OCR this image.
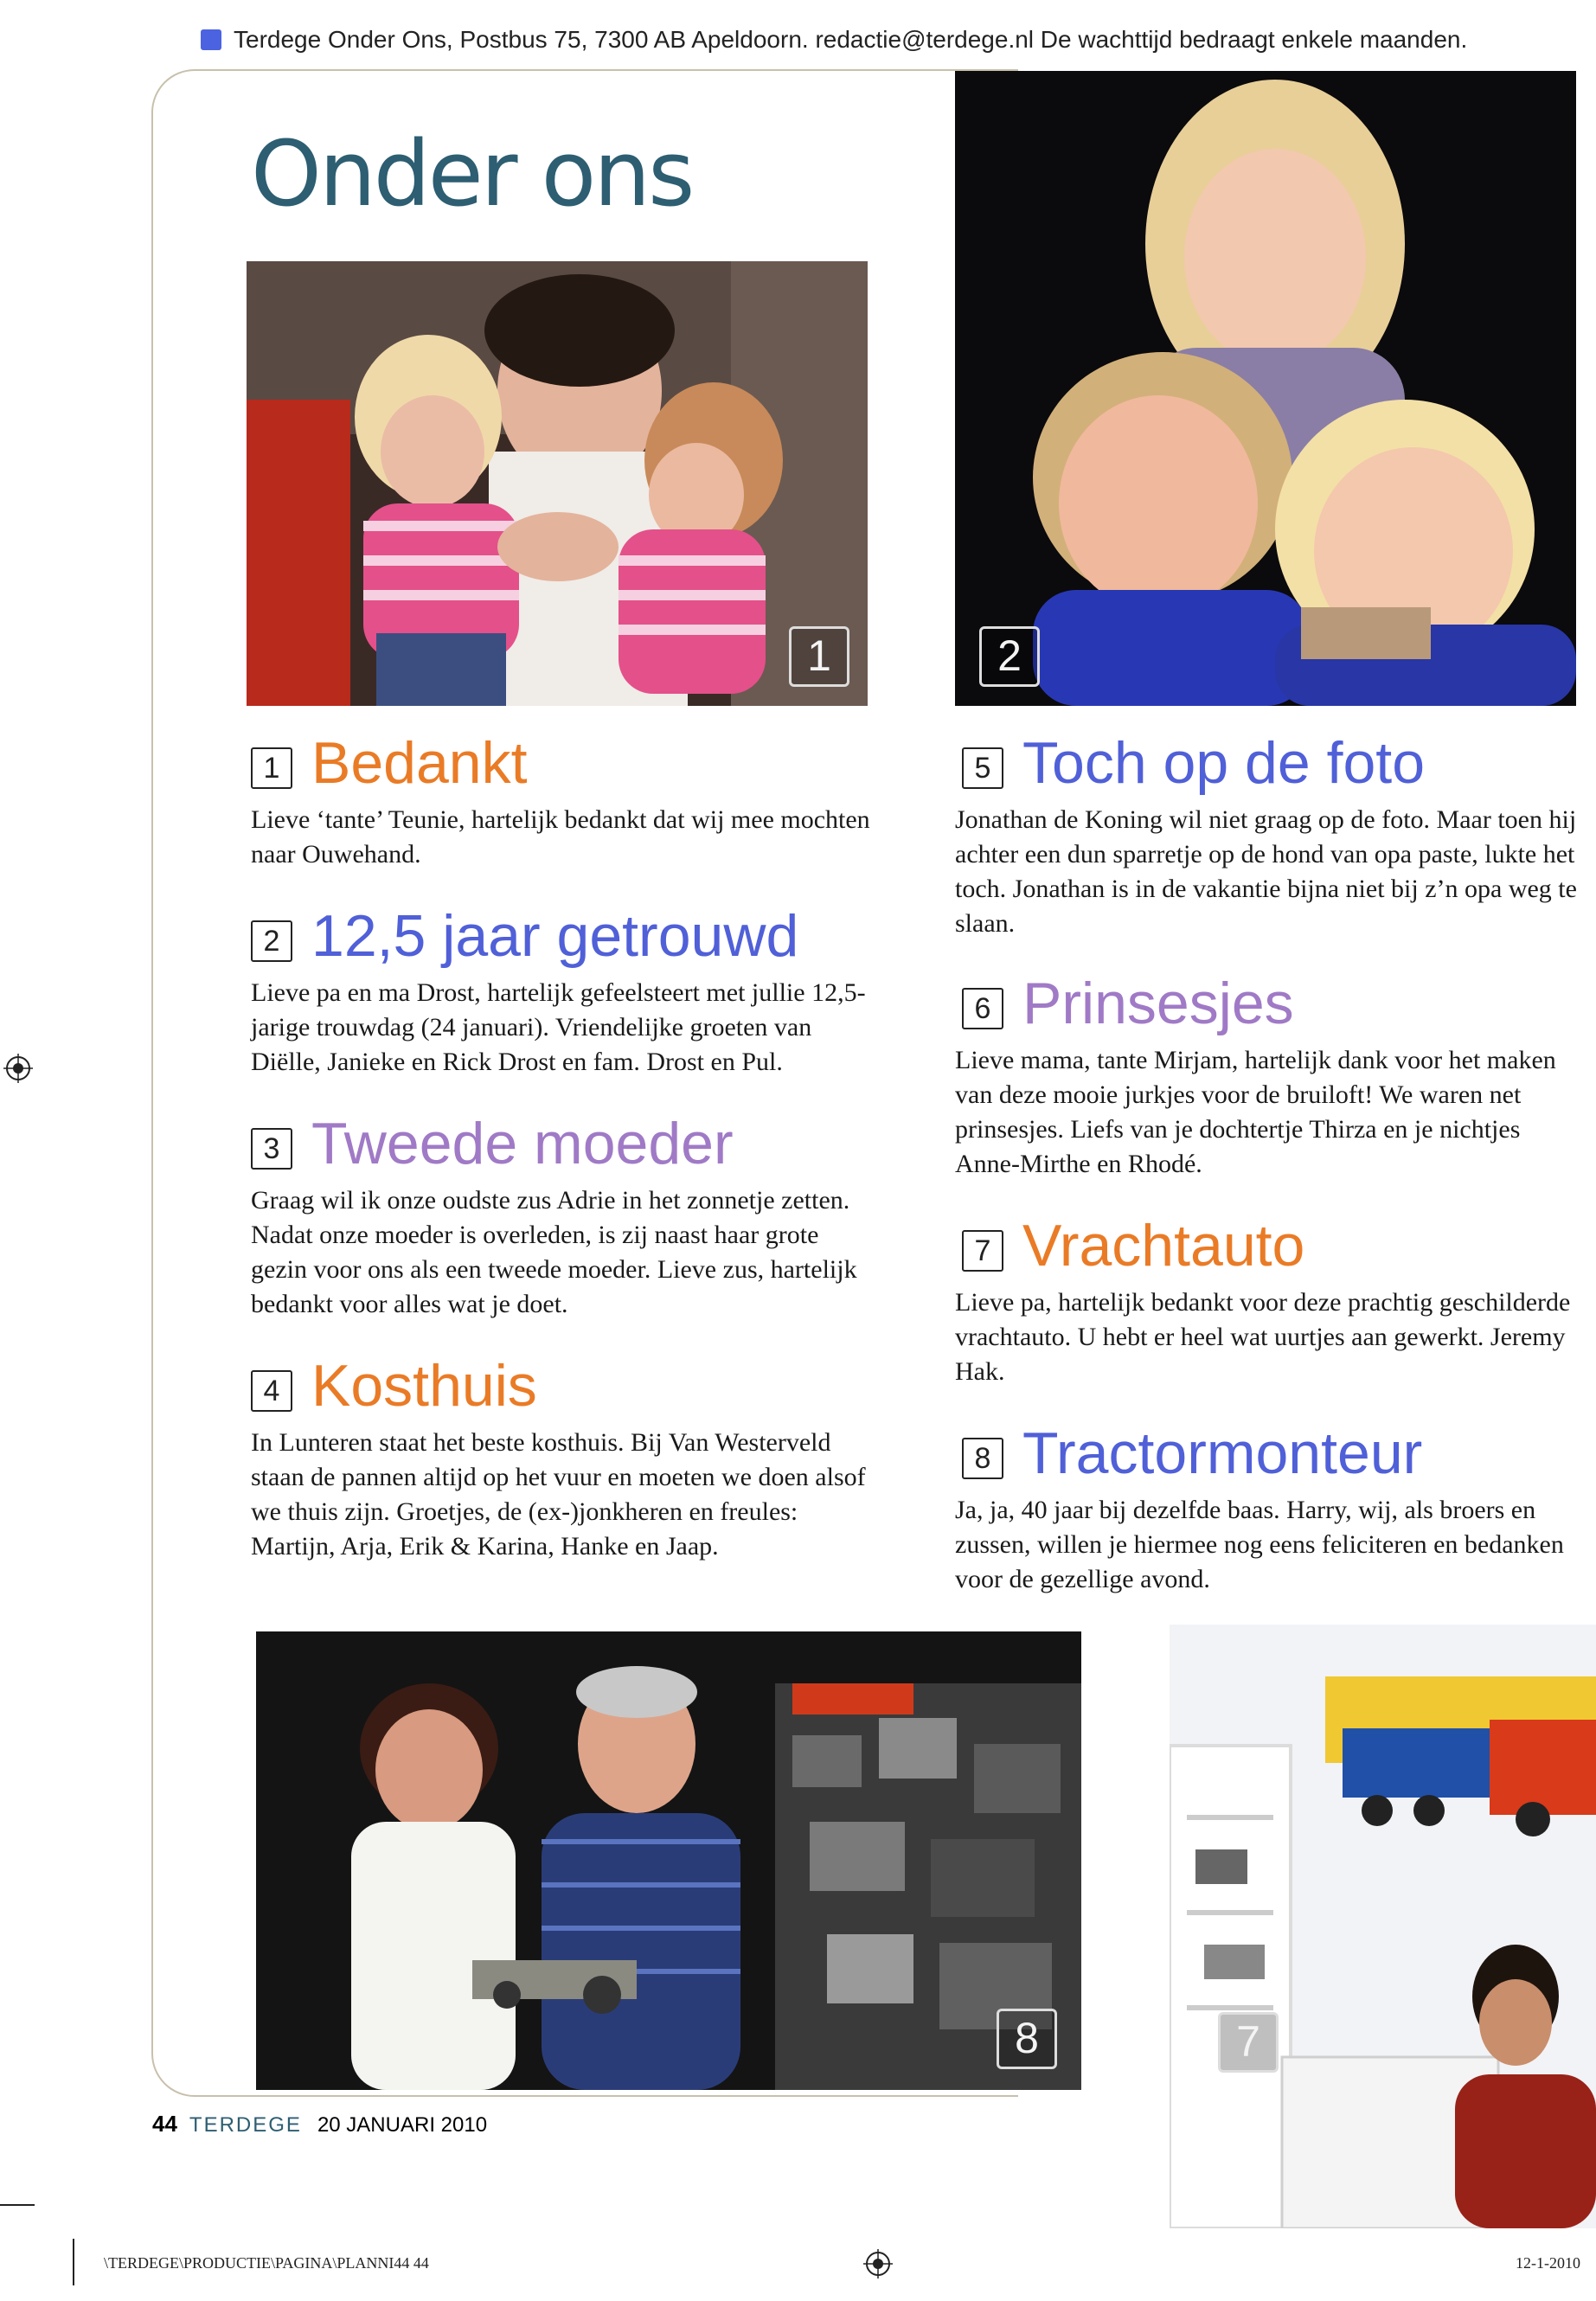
Terdege Onder Ons, Postbus 75, 7300 AB Apeldoorn. redactie@terdege.nl De wachttijd bedraagt enkele maanden.
Onder ons
1	2
1 Bedankt
Lieve ‘tante’ Teunie, hartelijk bedankt dat wij mee mochten naar Ouwehand.
2 12,5 jaar getrouwd
Lieve pa en ma Drost, hartelijk gefeelsteert met jullie 12,5-jarige trouwdag (24 januari). Vriendelijke groeten van Diëlle, Janieke en Rick Drost en fam. Drost en Pul.
3 Tweede moeder
Graag wil ik onze oudste zus Adrie in het zonnetje zetten. Nadat onze moeder is overleden, is zij naast haar grote gezin voor ons als een tweede moeder. Lieve zus, hartelijk bedankt voor alles wat je doet.
4 Kosthuis
In Lunteren staat het beste kosthuis. Bij Van Westerveld staan de pannen altijd op het vuur en moeten we doen alsof we thuis zijn. Groetjes, de (ex-)jonkheren en freules: Martijn, Arja, Erik & Karina, Hanke en Jaap.
5 Toch op de foto
Jonathan de Koning wil niet graag op de foto. Maar toen hij achter een dun sparretje op de hond van opa paste, lukte het toch. Jonathan is in de vakantie bijna niet bij z’n opa weg te slaan.
6 Prinsesjes
Lieve mama, tante Mirjam, hartelijk dank voor het maken van deze mooie jurkjes voor de bruiloft! We waren net prinsesjes. Liefs van je dochtertje Thirza en je nichtjes Anne-Mirthe en Rhodé.
7 Vrachtauto
Lieve pa, hartelijk bedankt voor deze prachtig geschilderde vrachtauto. U hebt er heel wat uurtjes aan gewerkt. Jeremy Hak.
8 Tractormonteur
Ja, ja, 40 jaar bij dezelfde baas. Harry, wij, als broers en zussen, willen je hiermee nog eens feliciteren en bedanken voor de gezellige avond.
8	7
44 TERDEGE 20 JANUARI 2010
\TERDEGE\PRODUCTIE\PAGINA\PLANNI44 44	12-1-2010
